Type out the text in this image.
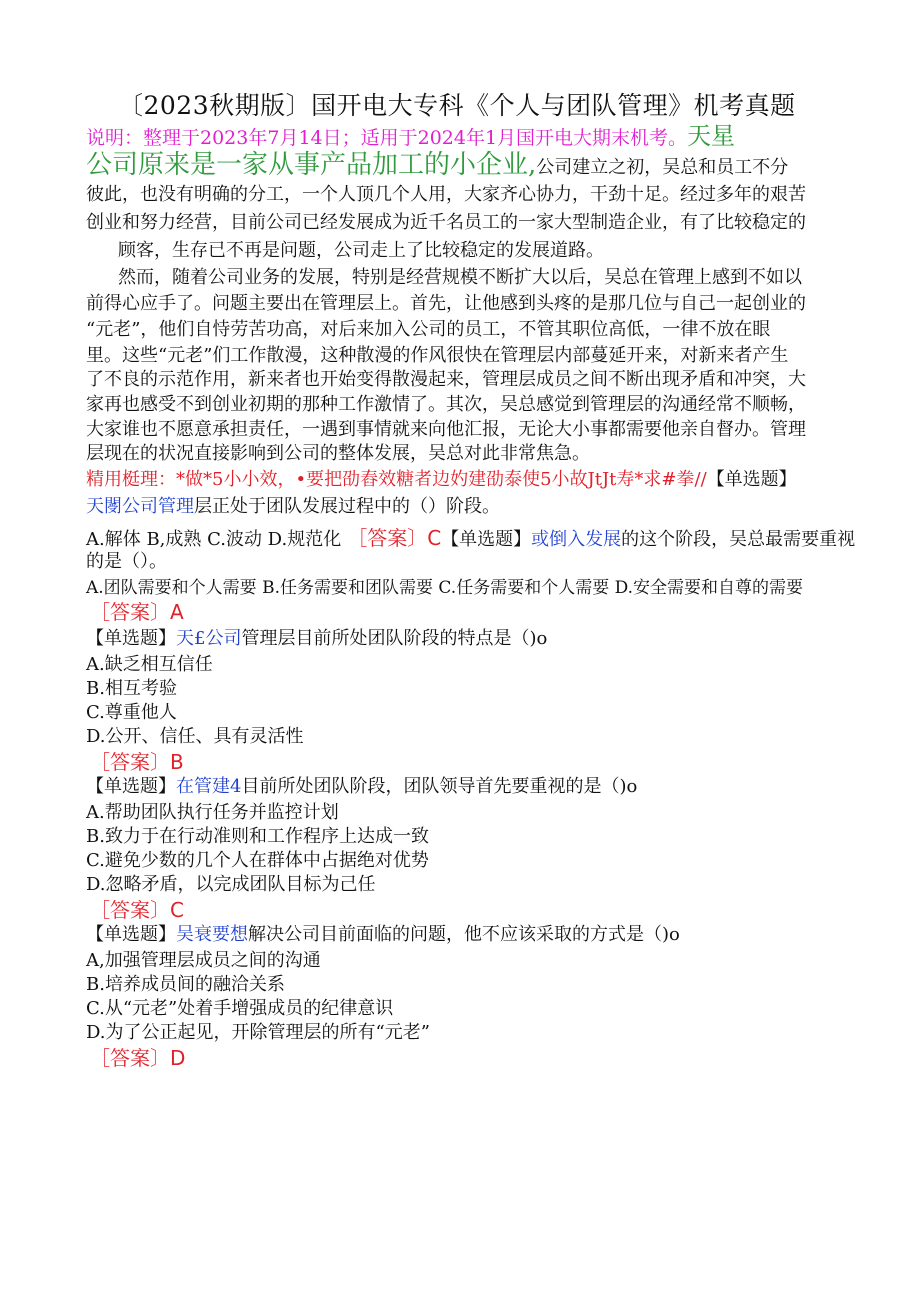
〔2023秋期版〕国开电大专科《个人与团队管理》机考真题
说明：整理于2023年7月14日；适用于2024年1月国开电大期末机考。天星
公司原来是一家从事产品加工的小企业,公司建立之初，吴总和员工不分
彼此，也没有明确的分工，一个人顶几个人用，大家齐心协力，干劲十足。经过多年的艰苦
创业和努力经营，目前公司已经发展成为近千名员工的一家大型制造企业，有了比较稳定的
顾客，生存已不再是问题，公司走上了比较稳定的发展道路。
然而，随着公司业务的发展，特别是经营规模不断扩大以后，吴总在管理上感到不如以
前得心应手了。问题主要出在管理层上。首先，让他感到头疼的是那几位与自己一起创业的
“元老”，他们自恃劳苦功高，对后来加入公司的员工，不管其职位高低，一律不放在眼
里。这些“元老”们工作散漫，这种散漫的作风很快在管理层内部蔓延开来，对新来者产生
了不良的示范作用，新来者也开始变得散漫起来，管理层成员之间不断出现矛盾和冲突，大
家再也感受不到创业初期的那种工作激情了。其次，吴总感觉到管理层的沟通经常不顺畅，
大家谁也不愿意承担责任，一遇到事情就来向他汇报，无论大小事都需要他亲自督办。管理
层现在的状况直接影响到公司的整体发展，吴总对此非常焦急。
精用梃理：*做*5小小效，•要把劭舂效糖者边妁建劭泰使5小故JtJt寿*求#拳//【单选题】
天閿公司管理层正处于团队发展过程中的（）阶段。
A.解体 B,成熟 C.波动 D.规范化 ［答案〕C【单选题】或倒入发展的这个阶段，吴总最需要重视
的是（）。
A.团队需要和个人需要 B.任务需要和团队需要 C.任务需要和个人需要 D.安全需要和自尊的需要
［答案〕A
【单选题】天£公司管理层目前所处团队阶段的特点是（)o
A.缺乏相互信任
B.相互考验
C.尊重他人
D.公开、信任、具有灵活性
［答案〕B
【单选题】在管建4目前所处团队阶段，团队领导首先要重视的是（)o
A.帮助团队执行任务并监控计划
B.致力于在行动准则和工作程序上达成一致
C.避免少数的几个人在群体中占据绝对优势
D.忽略矛盾，以完成团队目标为己任
［答案〕C
【单选题】吴衰要想解决公司目前面临的问题，他不应该采取的方式是（)o
A,加强管理层成员之间的沟通
B.培养成员间的融洽关系
C.从“元老”处着手增强成员的纪律意识
D.为了公正起见，开除管理层的所有“元老”
［答案〕D
